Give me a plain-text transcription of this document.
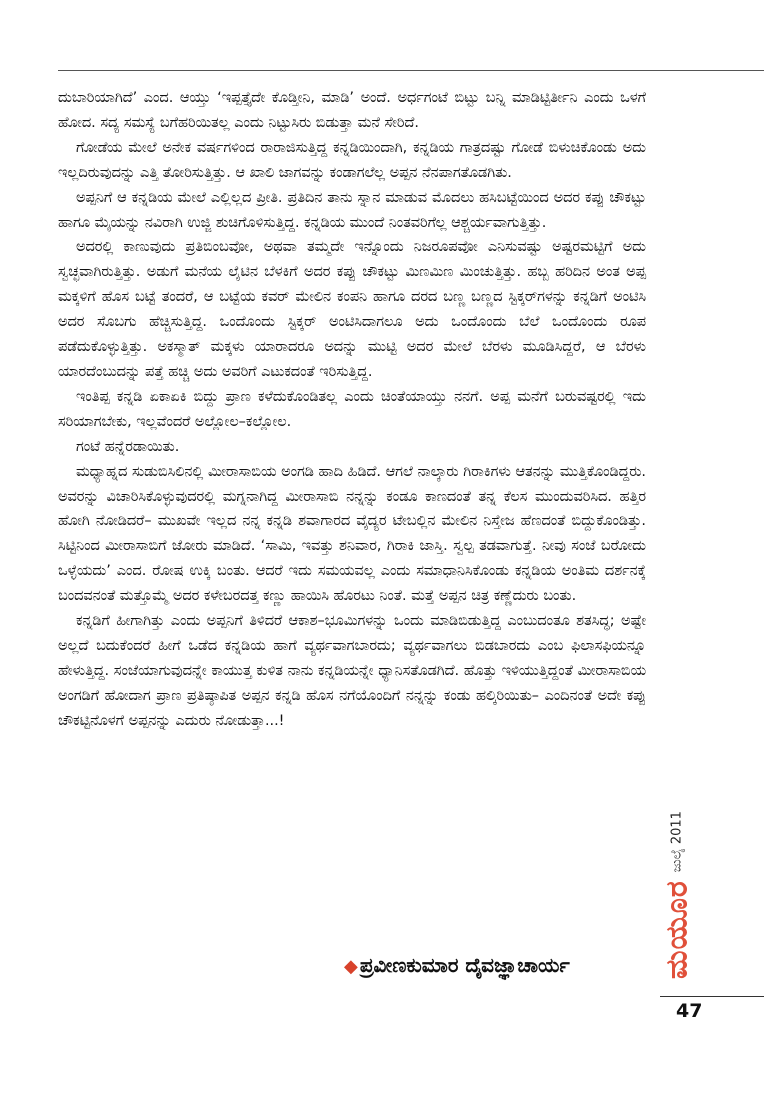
ದುಬಾರಿಯಾಗಿದೆ’ ಎಂದ. ಆಯ್ತು ‘ಇಪ್ಪತ್ತೈದೇ ಕೊಡ್ತೀನಿ, ಮಾಡಿ’ ಅಂದೆ. ಅರ್ಧಗಂಟೆ ಬಿಟ್ಟು ಬನ್ನಿ ಮಾಡಿಟ್ಟಿರ್ತೀನಿ ಎಂದು ಒಳಗೆ ಹೋದ. ಸದ್ಯ ಸಮಸ್ಯೆ ಬಗೆಹರಿಯಿತಲ್ಲ ಎಂದು ನಿಟ್ಟುಸಿರು ಬಿಡುತ್ತಾ ಮನೆ ಸೇರಿದೆ.

ಗೋಡೆಯ ಮೇಲೆ ಅನೇಕ ವರ್ಷಗಳಿಂದ ರಾರಾಜಿಸುತ್ತಿದ್ದ ಕನ್ನಡಿಯಿಂದಾಗಿ, ಕನ್ನಡಿಯ ಗಾತ್ರದಷ್ಟು ಗೋಡೆ ಬಿಳುಚಿಕೊಂಡು ಅದು ಇಲ್ಲದಿರುವುದನ್ನು ಎತ್ತಿ ತೋರಿಸುತ್ತಿತ್ತು. ಆ ಖಾಲಿ ಜಾಗವನ್ನು ಕಂಡಾಗಲೆಲ್ಲ ಅಪ್ಪನ ನೆನಪಾಗತೊಡಗಿತು.

ಅಪ್ಪನಿಗೆ ಆ ಕನ್ನಡಿಯ ಮೇಲೆ ಎಲ್ಲಿಲ್ಲದ ಪ್ರೀತಿ. ಪ್ರತಿದಿನ ತಾನು ಸ್ನಾನ ಮಾಡುವ ಮೊದಲು ಹಸಿಬಟ್ಟೆಯಿಂದ ಅದರ ಕಪ್ಪು ಚೌಕಟ್ಟು ಹಾಗೂ ಮೈಯನ್ನು ನವಿರಾಗಿ ಉಜ್ಜಿ ಶುಚಿಗೊಳಿಸುತ್ತಿದ್ದ. ಕನ್ನಡಿಯ ಮುಂದೆ ನಿಂತವರಿಗೆಲ್ಲ ಆಶ್ಚರ್ಯವಾಗುತ್ತಿತ್ತು.

ಅದರಲ್ಲಿ ಕಾಣುವುದು ಪ್ರತಿಬಿಂಬವೋ, ಅಥವಾ ತಮ್ಮದೇ ಇನ್ನೊಂದು ನಿಜರೂಪವೋ ಎನಿಸುವಷ್ಟು ಅಷ್ಟರಮಟ್ಟಿಗೆ ಅದು ಸ್ವಚ್ಛವಾಗಿರುತ್ತಿತ್ತು. ಅಡುಗೆ ಮನೆಯ ಲೈಟಿನ ಬೆಳಕಿಗೆ ಅದರ ಕಪ್ಪು ಚೌಕಟ್ಟು ಮಿಣಮಿಣ ಮಿಂಚುತ್ತಿತ್ತು. ಹಬ್ಬ ಹರಿದಿನ ಅಂತ ಅಪ್ಪ ಮಕ್ಕಳಿಗೆ ಹೊಸ ಬಟ್ಟೆ ತಂದರೆ, ಆ ಬಟ್ಟೆಯ ಕವರ್ ಮೇಲಿನ ಕಂಪನಿ ಹಾಗೂ ದರದ ಬಣ್ಣ ಬಣ್ಣದ ಸ್ಟಿಕ್ಕರ್‌ಗಳನ್ನು ಕನ್ನಡಿಗೆ ಅಂಟಿಸಿ ಅದರ ಸೊಬಗು ಹೆಚ್ಚಿಸುತ್ತಿದ್ದ. ಒಂದೊಂದು ಸ್ಟಿಕ್ಕರ್ ಅಂಟಿಸಿದಾಗಲೂ ಅದು ಒಂದೊಂದು ಬೆಲೆ ಒಂದೊಂದು ರೂಪ ಪಡೆದುಕೊಳ್ಳುತ್ತಿತ್ತು. ಅಕಸ್ಮಾತ್ ಮಕ್ಕಳು ಯಾರಾದರೂ ಅದನ್ನು ಮುಟ್ಟಿ ಅದರ ಮೇಲೆ ಬೆರಳು ಮೂಡಿಸಿದ್ದರೆ, ಆ ಬೆರಳು ಯಾರದೆಂಬುದನ್ನು ಪತ್ತೆ ಹಚ್ಚಿ ಅದು ಅವರಿಗೆ ಎಟುಕದಂತೆ ಇರಿಸುತ್ತಿದ್ದ.

ಇಂತಿಪ್ಪ ಕನ್ನಡಿ ಏಕಾಏಕಿ ಬಿದ್ದು ಪ್ರಾಣ ಕಳೆದುಕೊಂಡಿತಲ್ಲ ಎಂದು ಚಿಂತೆಯಾಯ್ತು ನನಗೆ. ಅಪ್ಪ ಮನೆಗೆ ಬರುವಷ್ಟರಲ್ಲಿ ಇದು ಸರಿಯಾಗಬೇಕು, ಇಲ್ಲವೆಂದರೆ ಅಲ್ಲೋಲ–ಕಲ್ಲೋಲ.

ಗಂಟೆ ಹನ್ನೆರಡಾಯಿತು.

ಮಧ್ಯಾಹ್ನದ ಸುಡುಬಿಸಿಲಿನಲ್ಲಿ ಮೀರಾಸಾಬಿಯ ಅಂಗಡಿ ಹಾದಿ ಹಿಡಿದೆ. ಆಗಲೆ ನಾಲ್ಕಾರು ಗಿರಾಕಿಗಳು ಆತನನ್ನು ಮುತ್ತಿಕೊಂಡಿದ್ದರು. ಅವರನ್ನು ವಿಚಾರಿಸಿಕೊಳ್ಳುವುದರಲ್ಲಿ ಮಗ್ನನಾಗಿದ್ದ ಮೀರಾಸಾಬಿ ನನ್ನನ್ನು ಕಂಡೂ ಕಾಣದಂತೆ ತನ್ನ ಕೆಲಸ ಮುಂದುವರಿಸಿದ. ಹತ್ತಿರ ಹೋಗಿ ನೋಡಿದರೆ– ಮುಖವೇ ಇಲ್ಲದ ನನ್ನ ಕನ್ನಡಿ ಶವಾಗಾರದ ವೈದ್ಯರ ಟೇಬಲ್ಲಿನ ಮೇಲಿನ ನಿಸ್ತೇಜ ಹೆಣದಂತೆ ಬಿದ್ದುಕೊಂಡಿತ್ತು. ಸಿಟ್ಟಿನಿಂದ ಮೀರಾಸಾಬಿಗೆ ಜೋರು ಮಾಡಿದೆ. ‘ಸಾಮಿ, ಇವತ್ತು ಶನಿವಾರ, ಗಿರಾಕಿ ಜಾಸ್ತಿ. ಸ್ವಲ್ಪ ತಡವಾಗುತ್ತೆ. ನೀವು ಸಂಜೆ ಬರೋದು ಒಳ್ಳೆಯದು’ ಎಂದ. ರೋಷ ಉಕ್ಕಿ ಬಂತು. ಆದರೆ ಇದು ಸಮಯವಲ್ಲ ಎಂದು ಸಮಾಧಾನಿಸಿಕೊಂಡು ಕನ್ನಡಿಯ ಅಂತಿಮ ದರ್ಶನಕ್ಕೆ ಬಂದವನಂತೆ ಮತ್ತೊಮ್ಮೆ ಅದರ ಕಳೇಬರದತ್ತ ಕಣ್ಣು ಹಾಯಿಸಿ ಹೊರಟು ನಿಂತೆ. ಮತ್ತೆ ಅಪ್ಪನ ಚಿತ್ರ ಕಣ್ಣೆದುರು ಬಂತು.

ಕನ್ನಡಿಗೆ ಹೀಗಾಗಿತ್ತು ಎಂದು ಅಪ್ಪನಿಗೆ ತಿಳಿದರೆ ಆಕಾಶ–ಭೂಮಿಗಳನ್ನು ಒಂದು ಮಾಡಿಬಿಡುತ್ತಿದ್ದ ಎಂಬುದಂತೂ ಶತಸಿದ್ಧ; ಅಷ್ಟೇ ಅಲ್ಲದೆ ಬದುಕೆಂದರೆ ಹೀಗೆ ಒಡೆದ ಕನ್ನಡಿಯ ಹಾಗೆ ವ್ಯರ್ಥವಾಗಬಾರದು; ವ್ಯರ್ಥವಾಗಲು ಬಿಡಬಾರದು ಎಂಬ ಫಿಲಾಸಫಿಯನ್ನೂ ಹೇಳುತ್ತಿದ್ದ. ಸಂಜೆಯಾಗುವುದನ್ನೇ ಕಾಯುತ್ತ ಕುಳಿತ ನಾನು ಕನ್ನಡಿಯನ್ನೇ ಧ್ಯಾನಿಸತೊಡಗಿದೆ. ಹೊತ್ತು ಇಳಿಯುತ್ತಿದ್ದಂತೆ ಮೀರಾಸಾಬಿಯ ಅಂಗಡಿಗೆ ಹೋದಾಗ ಪ್ರಾಣ ಪ್ರತಿಷ್ಠಾಪಿತ ಅಪ್ಪನ ಕನ್ನಡಿ ಹೊಸ ನಗೆಯೊಂದಿಗೆ ನನ್ನನ್ನು ಕಂಡು ಹಲ್ಕಿರಿಯಿತು– ಎಂದಿನಂತೆ ಅದೇ ಕಪ್ಪು ಚೌಕಟ್ಟಿನೊಳಗೆ ಅಪ್ಪನನ್ನು ಎದುರು ನೋಡುತ್ತಾ...!

◆ ಪ್ರವೀಣಕುಮಾರ ದೈವಜ್ಞಾಚಾರ್ಯ	ಮಯೂರ
ಜುಲೈ 2011
47
